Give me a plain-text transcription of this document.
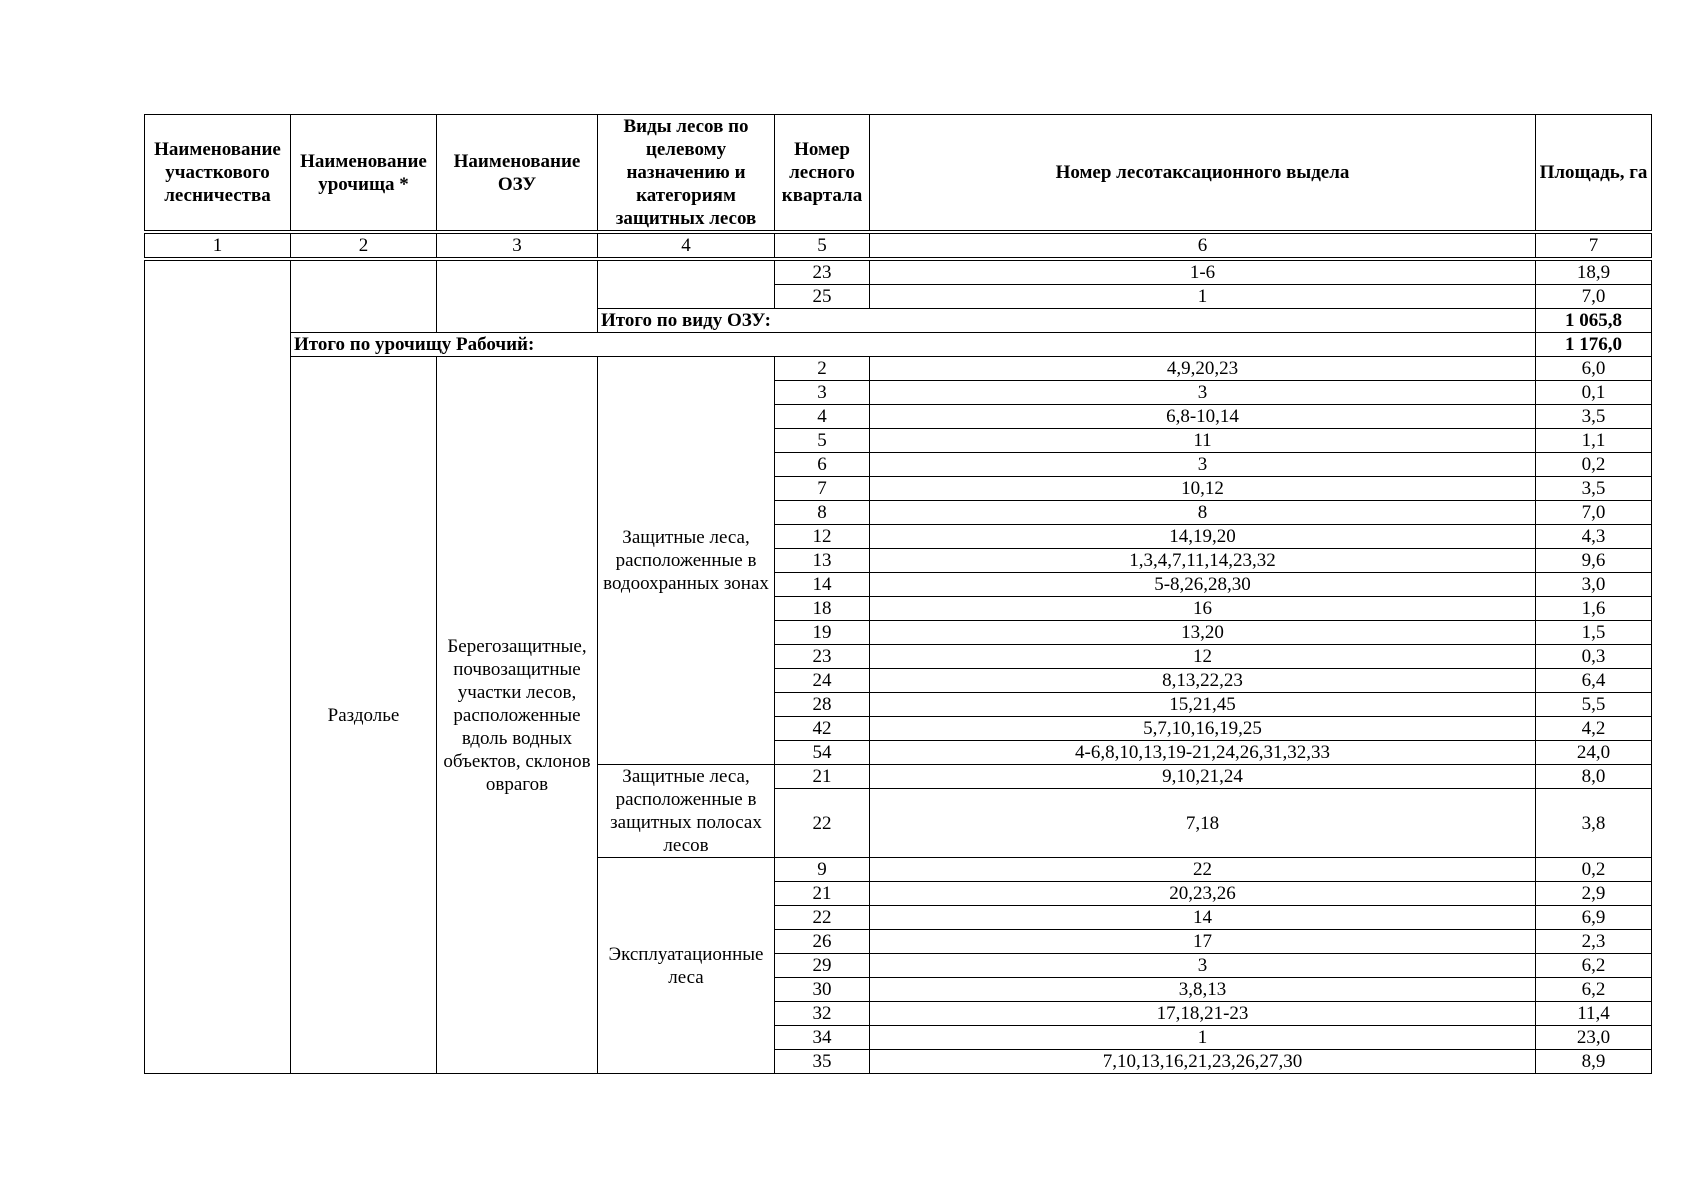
Наименование участкового лесничества	Наименование урочища *	Наименование ОЗУ	Виды лесов по целевому назначению и категориям защитных лесов	Номер лесного квартала	Номер лесотаксационного выдела	Площадь, га
1	2	3	4	5	6	7
				23	1-6	18,9
				25	1	7,0
			Итого по виду ОЗУ:			1 065,8
	Итого по урочищу Рабочий:					1 176,0
	Раздолье	Берегозащитные, почвозащитные участки лесов, расположенные вдоль водных объектов, склонов оврагов	Защитные леса, расположенные в водоохранных зонах	2	4,9,20,23	6,0
				3	3	0,1
				4	6,8-10,14	3,5
				5	11	1,1
				6	3	0,2
				7	10,12	3,5
				8	8	7,0
				12	14,19,20	4,3
				13	1,3,4,7,11,14,23,32	9,6
				14	5-8,26,28,30	3,0
				18	16	1,6
				19	13,20	1,5
				23	12	0,3
				24	8,13,22,23	6,4
				28	15,21,45	5,5
				42	5,7,10,16,19,25	4,2
				54	4-6,8,10,13,19-21,24,26,31,32,33	24,0
			Защитные леса, расположенные в защитных полосах лесов	21	9,10,21,24	8,0
				22	7,18	3,8
			Эксплуатационные леса	9	22	0,2
				21	20,23,26	2,9
				22	14	6,9
				26	17	2,3
				29	3	6,2
				30	3,8,13	6,2
				32	17,18,21-23	11,4
				34	1	23,0
				35	7,10,13,16,21,23,26,27,30	8,9
